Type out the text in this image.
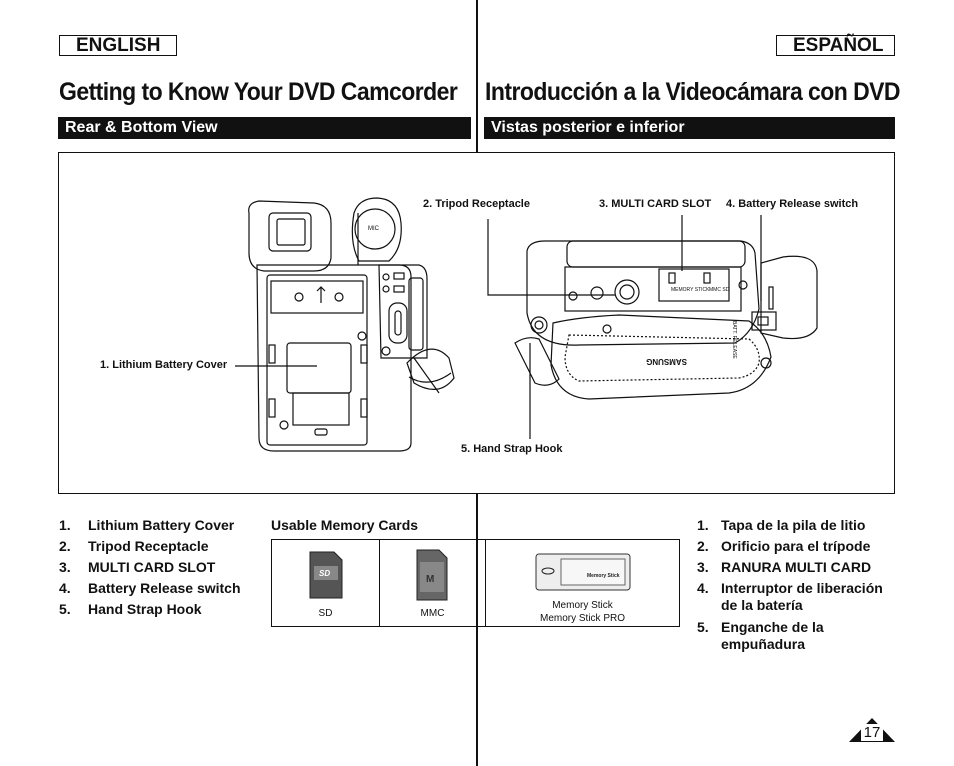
ENGLISH	ESPAÑOL
Getting to Know Your DVD Camcorder Introducción a la Videocámara con DVD
Rear & Bottom View	Vistas posterior e inferior
MIC
MEMORY STICK MMC SD
BATT. RELEASE
SAMSUNG
1. Lithium Battery Cover
2. Tripod Receptacle	3. MULTI CARD SLOT 4. Battery Release switch
5. Hand Strap Hook
1. Lithium Battery Cover
2. Tripod Receptacle
3. MULTI CARD SLOT
4. Battery Release switch
5. Hand Strap Hook
Usable Memory Cards
SD
SD
M
MMC
Memory Stick
Memory Stick
Memory Stick PRO
1. Tapa de la pila de litio
2. Orificio para el trípode
3. RANURA MULTI CARD
4. Interruptor de liberación de la batería
5. Enganche de la empuñadura
17
